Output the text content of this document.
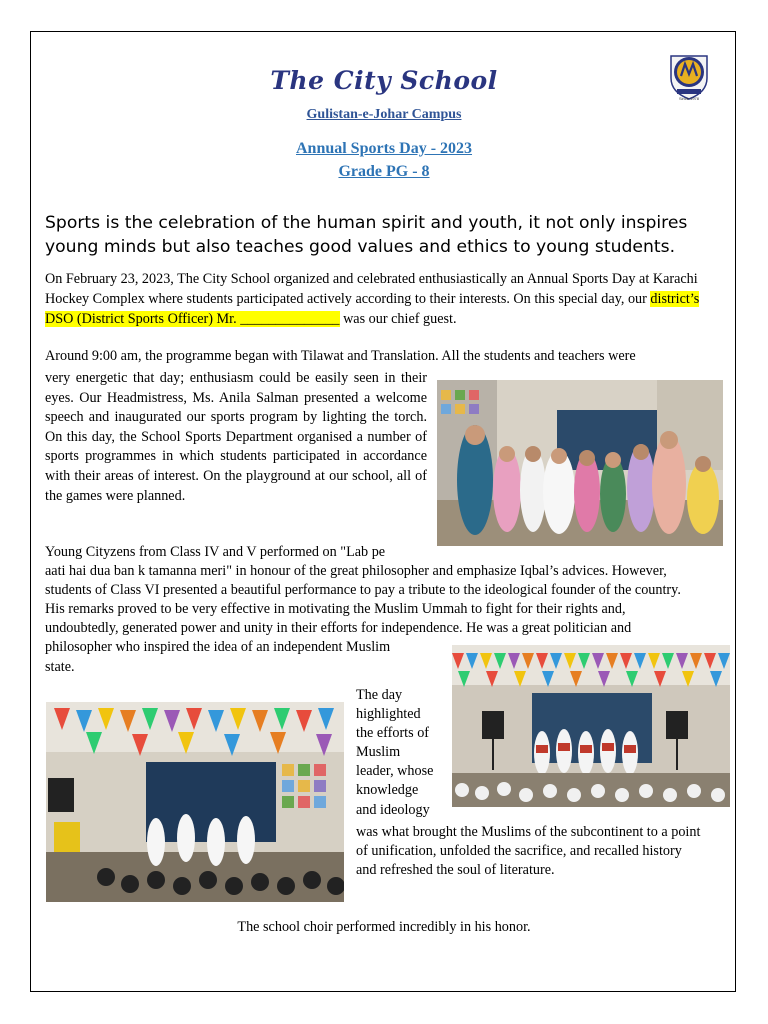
The City School
Gulistan-e-Johar Campus
Annual Sports Day - 2023
Grade PG - 8
Since 1978
Sports is the celebration of the human spirit and youth, it not only inspires young minds but also teaches good values and ethics to young students.
On February 23, 2023, The City School organized and celebrated enthusiastically an Annual Sports Day at Karachi Hockey Complex where students participated actively according to their interests. On this special day, our district’s DSO (District Sports Officer) Mr. ______________ was our chief guest.
Around 9:00 am, the programme began with Tilawat and Translation. All the students and teachers were
very energetic that day; enthusiasm could be easily seen in their eyes. Our Headmistress, Ms. Anila Salman presented a welcome speech and inaugurated our sports program by lighting the torch. On this day, the School Sports Department organised a number of sports programmes in which students participated in accordance with their areas of interest. On the playground at our school, all of the games were planned.
Young Cityzens from Class IV and V performed on "Lab pe
aati hai dua ban k tamanna meri" in honour of the great philosopher and emphasize Iqbal’s advices. However,
students of Class VI presented a beautiful performance to pay a tribute to the ideological founder of the country.
His remarks proved to be very effective in motivating the Muslim Ummah to fight for their rights and,
undoubtedly, generated power and unity in their efforts for independence. He was a great politician and
philosopher who inspired the idea of an independent Muslim
state.
The day
highlighted
the efforts of
Muslim
leader, whose
knowledge
and ideology
was what brought the Muslims of the subcontinent to a point
of unification, unfolded the sacrifice, and recalled history
and refreshed the soul of literature.
The school choir performed incredibly in his honor.
